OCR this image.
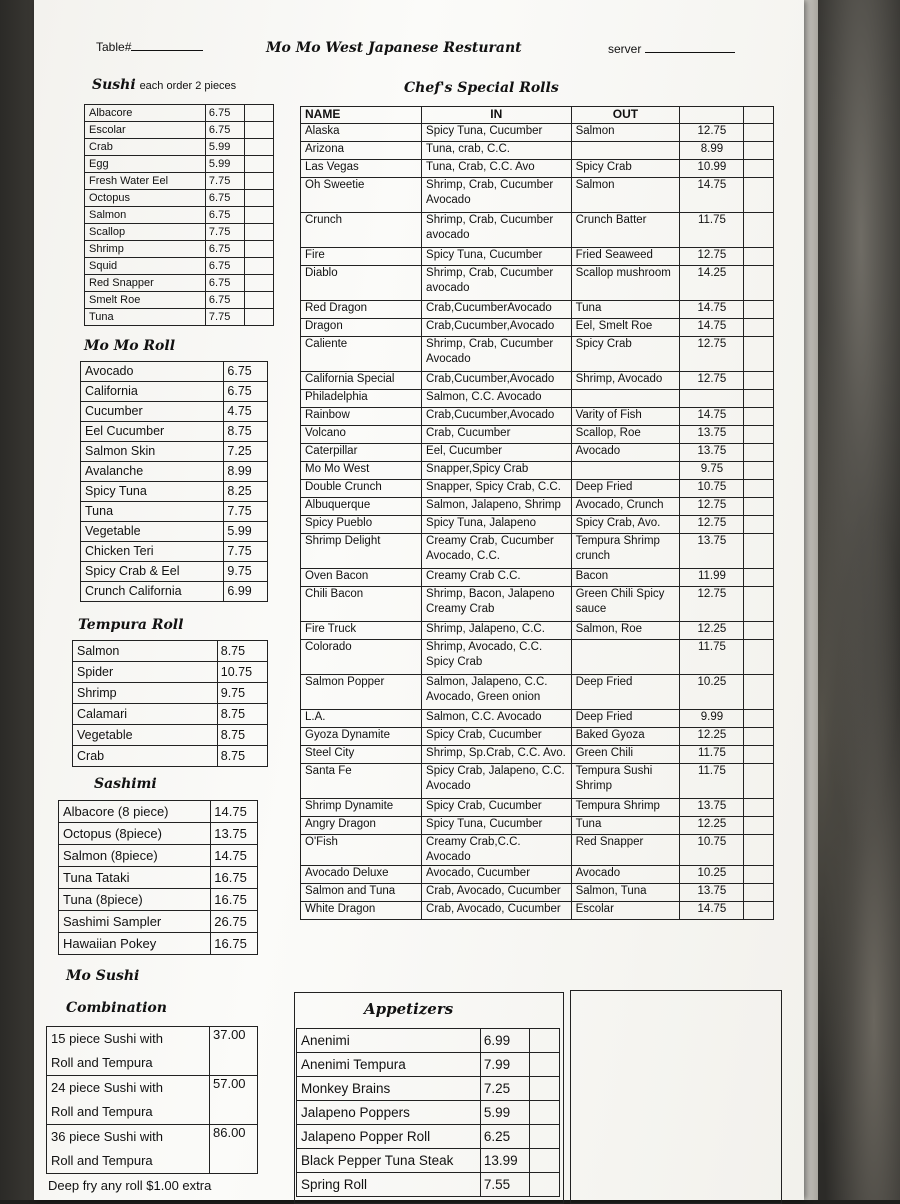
Table#	Mo Mo West Japanese Resturant	server
Sushi each order 2 pieces
Albacore	6.75	
Escolar	6.75	
Crab	5.99	
Egg	5.99	
Fresh Water Eel	7.75	
Octopus	6.75	
Salmon	6.75	
Scallop	7.75	
Shrimp	6.75	
Squid	6.75	
Red Snapper	6.75	
Smelt Roe	6.75	
Tuna	7.75	
Mo Mo Roll
Avocado	6.75
California	6.75
Cucumber	4.75
Eel Cucumber	8.75
Salmon Skin	7.25
Avalanche	8.99
Spicy Tuna	8.25
Tuna	7.75
Vegetable	5.99
Chicken Teri	7.75
Spicy Crab & Eel	9.75
Crunch California	6.99
Tempura Roll
Salmon	8.75
Spider	10.75
Shrimp	9.75
Calamari	8.75
Vegetable	8.75
Crab	8.75
Sashimi
Albacore (8 piece)	14.75
Octopus (8piece)	13.75
Salmon (8piece)	14.75
Tuna Tataki	16.75
Tuna (8piece)	16.75
Sashimi Sampler	26.75
Hawaiian Pokey	16.75
Mo Sushi
Combination
15 piece Sushi with
Roll and Tempura	37.00

24 piece Sushi with
Roll and Tempura	57.00

36 piece Sushi with
Roll and Tempura	86.00
Deep fry any roll $1.00 extra
Chef's Special Rolls
NAME	IN	OUT		
Alaska	Spicy Tuna, Cucumber	Salmon	12.75	
Arizona	Tuna, crab, C.C.		8.99	
Las Vegas	Tuna, Crab, C.C. Avo	Spicy Crab	10.99	
Oh Sweetie	Shrimp, Crab, Cucumber Avocado	Salmon	14.75	
Crunch	Shrimp, Crab, Cucumber avocado	Crunch Batter	11.75	
Fire	Spicy Tuna, Cucumber	Fried Seaweed	12.75	
Diablo	Shrimp, Crab, Cucumber avocado	Scallop mushroom	14.25	
Red Dragon	Crab,CucumberAvocado	Tuna	14.75	
Dragon	Crab,Cucumber,Avocado	Eel, Smelt Roe	14.75	
Caliente	Shrimp, Crab, Cucumber Avocado	Spicy Crab	12.75	
California Special	Crab,Cucumber,Avocado	Shrimp, Avocado	12.75	
Philadelphia	Salmon, C.C. Avocado			
Rainbow	Crab,Cucumber,Avocado	Varity of Fish	14.75	
Volcano	Crab, Cucumber	Scallop, Roe	13.75	
Caterpillar	Eel, Cucumber	Avocado	13.75	
Mo Mo West	Snapper,Spicy Crab		9.75	
Double Crunch	Snapper, Spicy Crab, C.C.	Deep Fried	10.75	
Albuquerque	Salmon, Jalapeno, Shrimp	Avocado, Crunch	12.75	
Spicy Pueblo	Spicy Tuna, Jalapeno	Spicy Crab, Avo.	12.75	
Shrimp Delight	Creamy Crab, Cucumber Avocado, C.C.	Tempura Shrimp crunch	13.75	
Oven Bacon	Creamy Crab C.C.	Bacon	11.99	
Chili Bacon	Shrimp, Bacon, Jalapeno Creamy Crab	Green Chili Spicy sauce	12.75	
Fire Truck	Shrimp, Jalapeno, C.C.	Salmon, Roe	12.25	
Colorado	Shrimp, Avocado, C.C. Spicy Crab		11.75	
Salmon Popper	Salmon, Jalapeno, C.C. Avocado, Green onion	Deep Fried	10.25	
L.A.	Salmon, C.C. Avocado	Deep Fried	9.99	
Gyoza Dynamite	Spicy Crab, Cucumber	Baked Gyoza	12.25	
Steel City	Shrimp, Sp.Crab, C.C. Avo.	Green Chili	11.75	
Santa Fe	Spicy Crab, Jalapeno, C.C. Avocado	Tempura Sushi Shrimp	11.75	
Shrimp Dynamite	Spicy Crab, Cucumber	Tempura Shrimp	13.75	
Angry Dragon	Spicy Tuna, Cucumber	Tuna	12.25	
O'Fish	Creamy Crab,C.C. Avocado	Red Snapper	10.75	
Avocado Deluxe	Avocado, Cucumber	Avocado	10.25	
Salmon and Tuna	Crab, Avocado, Cucumber	Salmon, Tuna	13.75	
White Dragon	Crab, Avocado, Cucumber	Escolar	14.75	
Appetizers
Anenimi	6.99	
Anenimi Tempura	7.99	
Monkey Brains	7.25	
Jalapeno Poppers	5.99	
Jalapeno Popper Roll	6.25	
Black Pepper Tuna Steak	13.99	
Spring Roll	7.55	
